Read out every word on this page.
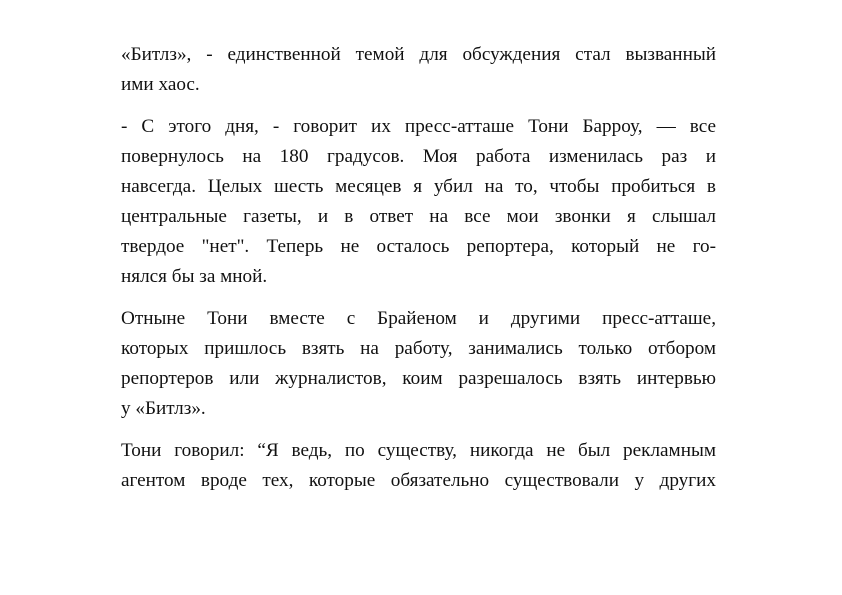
«Битлз», - единственной темой для обсуждения стал вызванный
ими хаос.

- С этого дня, - говорит их пресс-атташе Тони Барроу, — все
повернулось на 180 градусов. Моя работа изменилась раз и
навсегда. Целых шесть месяцев я убил на то, чтобы пробиться в
центральные газеты, и в ответ на все мои звонки я слышал
твердое "нет". Теперь не осталось репортера, который не го-
нялся бы за мной.

Отныне Тони вместе с Брайеном и другими пресс-атташе,
которых пришлось взять на работу, занимались только отбором
репортеров или журналистов, коим разрешалось взять интервью
у «Битлз».

Тони говорил: “Я ведь, по существу, никогда не был рекламным
агентом вроде тех, которые обязательно существовали у других
